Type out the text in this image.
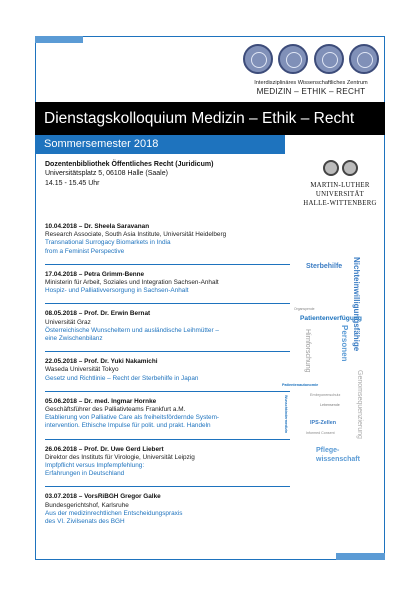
Interdisziplinäres Wissenschaftliches Zentrum
MEDIZIN – ETHIK – RECHT
Dienstagskolloquium Medizin – Ethik – Recht
Sommersemester 2018
Dozentenbibliothek Öffentliches Recht (Juridicum)
Universitätsplatz 5, 06108 Halle (Saale)
14.15 - 15.45 Uhr	MARTIN-LUTHER
UNIVERSITÄT
HALLE-WITTENBERG
10.04.2018 – Dr. Sheela Saravanan
Research Associate, South Asia Institute, Universität Heidelberg
Transnational Surrogacy Biomarkets in India
from a Feminist Perspective
17.04.2018 – Petra Grimm-Benne
Ministerin für Arbeit, Soziales und Integration Sachsen-Anhalt
Hospiz- und Palliativversorgung in Sachsen-Anhalt
08.05.2018 – Prof. Dr. Erwin Bernat
Universität Graz
Österreichische Wunscheltern und ausländische Leihmütter –
eine Zwischenbilanz
22.05.2018 – Prof. Dr. Yuki Nakamichi
Waseda Universität Tokyo
Gesetz und Richtlinie – Recht der Sterbehilfe in Japan
05.06.2018 – Dr. med. Ingmar Hornke
Geschäftsführer des Palliativteams Frankfurt a.M.
Etablierung von Palliative Care als freiheitsfördernde System-
intervention. Ethische Impulse für polit. und prakt. Handeln
26.06.2018 – Prof. Dr. Uwe Gerd Liebert
Direktor des Instituts für Virologie, Universität Leipzig
Impfpflicht versus Impfempfehlung:
Erfahrungen in Deutschland
03.07.2018 – VorsRiBGH Gregor Galke
Bundesgerichtshof, Karlsruhe
Aus der medizinrechtlichen Entscheidungspraxis
des VI. Zivilsenats des BGH
Sterbehilfe Nichteinwilligungsfähige
Patientenverfügung
Personen
Hirnforschung
Genomsequenzierung
Organspende
Lebensende
Patientenautonomie
Wunschkindermedizin	Embryonenschutz
IPS-Zellen
Informed Consent
Pflege-
wissenschaft
